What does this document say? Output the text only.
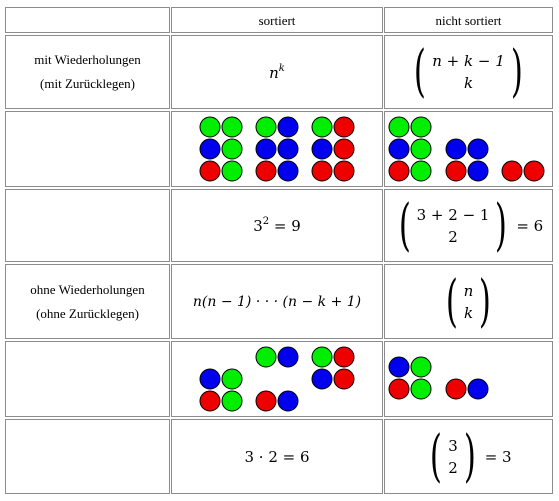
sortiert	nicht sortiert
mit Wiederholungen
(mit Zurücklegen)
$n^k$ ( n + k − 1
k )
$3^2 = 9$ ( 3 + 2 − 1
2 ) = 6
ohne Wiederholungen
(ohne Zurücklegen)
n(n − 1) · · · (n − k + 1) ( n
k )
3 · 2 = 6 ( 3
2 ) = 3
